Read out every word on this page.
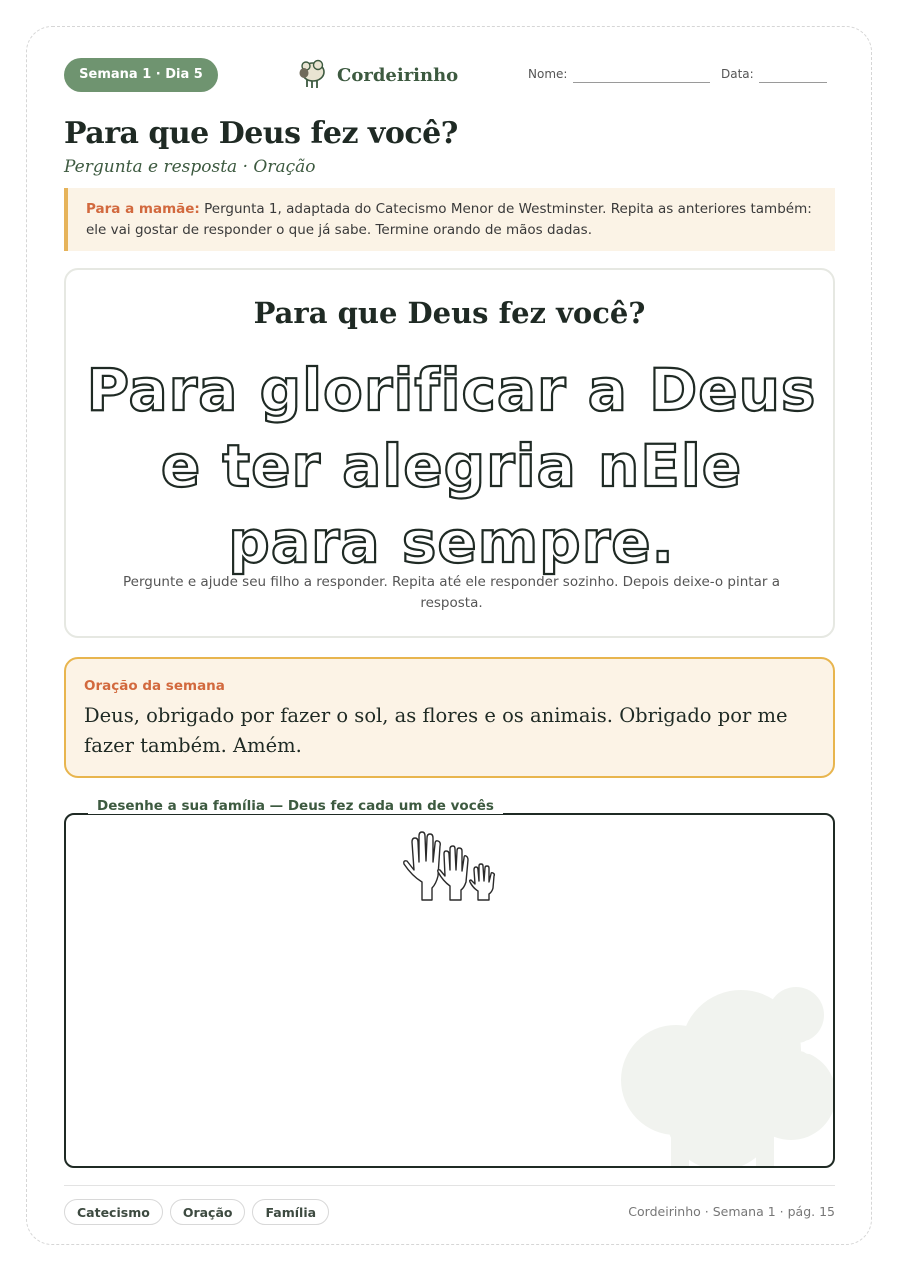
Semana 1 · Dia 5	Cordeirinho	Nome:	Data:
Para que Deus fez você?
Pergunta e resposta · Oração
Para a mamãe: Pergunta 1, adaptada do Catecismo Menor de Westminster. Repita as anteriores também: ele vai gostar de responder o que já sabe. Termine orando de mãos dadas.
Para que Deus fez você?
Para glorificar a Deus e ter alegria nEle para sempre.
Pergunte e ajude seu filho a responder. Repita até ele responder sozinho. Depois deixe-o pintar a resposta.
Oração da semana
Deus, obrigado por fazer o sol, as flores e os animais. Obrigado por me fazer também. Amém.
Desenhe a sua família — Deus fez cada um de vocês
Catecismo	Oração	Família	Cordeirinho · Semana 1 · pág. 15
